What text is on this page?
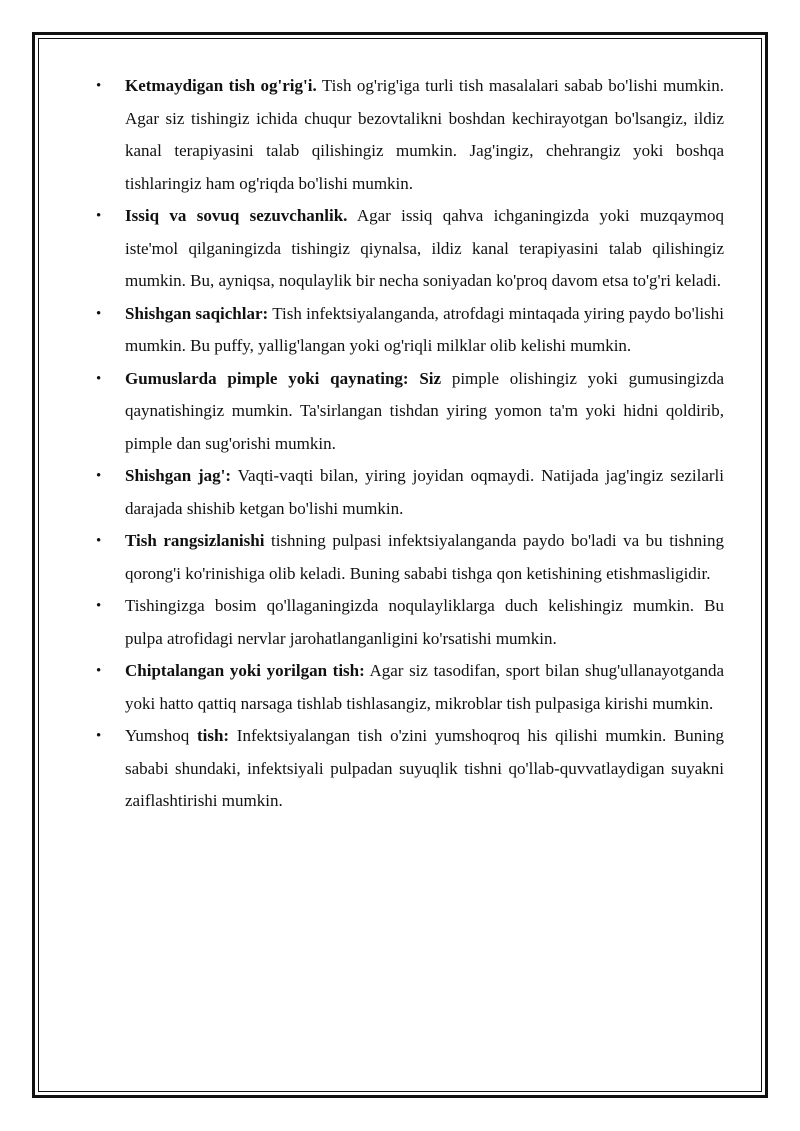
• Ketmaydigan tish og'rig'i. Tish og'rig'iga turli tish masalalari sabab bo'lishi mumkin. Agar siz tishingiz ichida chuqur bezovtalikni boshdan kechirayotgan bo'lsangiz, ildiz kanal terapiyasini talab qilishingiz mumkin. Jag'ingiz, chehrangiz yoki boshqa tishlaringiz ham og'riqda bo'lishi mumkin.
• Issiq va sovuq sezuvchanlik. Agar issiq qahva ichganingizda yoki muzqaymoq iste'mol qilganingizda tishingiz qiynalsa, ildiz kanal terapiyasini talab qilishingiz mumkin. Bu, ayniqsa, noqulaylik bir necha soniyadan ko'proq davom etsa to'g'ri keladi.
• Shishgan saqichlar: Tish infektsiyalanganda, atrofdagi mintaqada yiring paydo bo'lishi mumkin. Bu puffy, yallig'langan yoki og'riqli milklar olib kelishi mumkin.
• Gumuslarda pimple yoki qaynating: Siz pimple olishingiz yoki gumusingizda qaynatishingiz mumkin. Ta'sirlangan tishdan yiring yomon ta'm yoki hidni qoldirib, pimple dan sug'orishi mumkin.
• Shishgan jag': Vaqti-vaqti bilan, yiring joyidan oqmaydi. Natijada jag'ingiz sezilarli darajada shishib ketgan bo'lishi mumkin.
• Tish rangsizlanishi tishning pulpasi infektsiyalanganda paydo bo'ladi va bu tishning qorong'i ko'rinishiga olib keladi. Buning sababi tishga qon ketishining etishmasligidir.
• Tishingizga bosim qo'llaganingizda noqulayliklarga duch kelishingiz mumkin. Bu pulpa atrofidagi nervlar jarohatlanganligini ko'rsatishi mumkin.
• Chiptalangan yoki yorilgan tish: Agar siz tasodifan, sport bilan shug'ullanayotganda yoki hatto qattiq narsaga tishlab tishlasangiz, mikroblar tish pulpasiga kirishi mumkin.
• Yumshoq tish: Infektsiyalangan tish o'zini yumshoqroq his qilishi mumkin. Buning sababi shundaki, infektsiyali pulpadan suyuqlik tishni qo'llab-quvvatlaydigan suyakni zaiflashtirishi mumkin.
